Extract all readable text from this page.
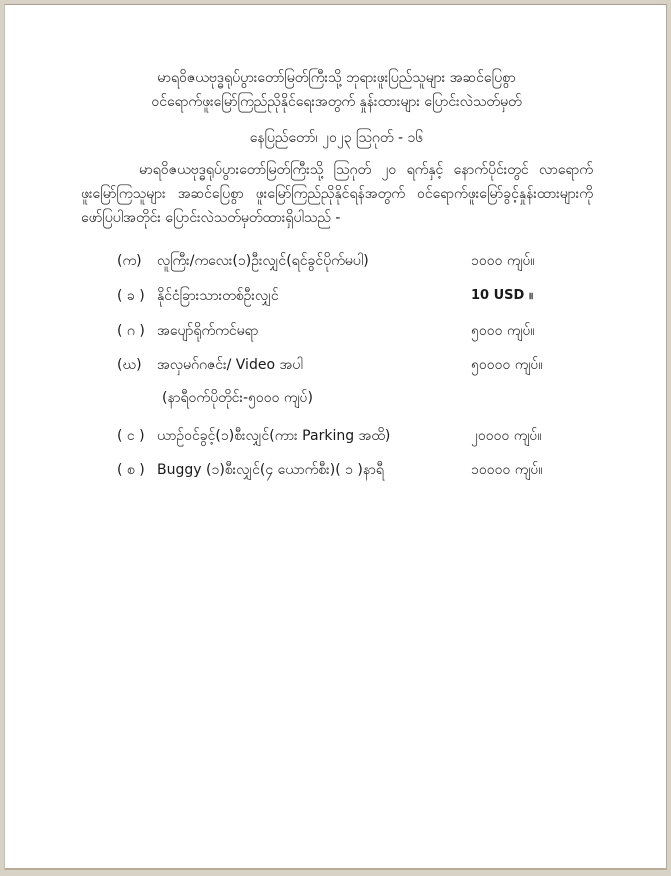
မာရဝိဇယဗုဒ္ဓရုပ်ပွားတော်မြတ်ကြီးသို့ ဘုရားဖူးပြည်သူများ အဆင်ပြေစွာ
ဝင်ရောက်ဖူးမြော်ကြည်ညိုနိုင်ရေးအတွက် နှုန်းထားများ ပြောင်းလဲသတ်မှတ်
နေပြည်တော်၊ ၂၀၂၃ ဩဂုတ် - ၁၆
မာရဝိဇယဗုဒ္ဓရုပ်ပွားတော်မြတ်ကြီးသို့ ဩဂုတ် ၂၀ ရက်နှင့် နောက်ပိုင်းတွင် လာရောက်ဖူးမြော်ကြသူများ အဆင်ပြေစွာ ဖူးမြော်ကြည်ညိုနိုင်ရန်အတွက် ဝင်ရောက်ဖူးမြော်ခွင့်နှုန်းထားများကို ဖော်ပြပါအတိုင်း ပြောင်းလဲသတ်မှတ်ထားရှိပါသည် -
(က)	လူကြီး/ကလေး(၁)ဦးလျှင်(ရင်ခွင်ပိုက်မပါ)	၁၀၀၀ ကျပ်။
( ခ ) နိုင်ငံခြားသားတစ်ဦးလျှင်	10 USD ။
( ဂ ) အပျော်ရိုက်ကင်မရာ	၅၀၀၀ ကျပ်။
(ဃ)	အလှမဂ်ဂဇင်း/ Video အပါ	၅၀၀၀၀ ကျပ်။
(နာရီဝက်ပိုတိုင်း-၅၀၀၀ ကျပ်)
( င ) ယာဉ်ဝင်ခွင့်(၁)စီးလျှင်(ကား Parking အထိ)	၂၀၀၀၀ ကျပ်။
( စ ) Buggy (၁)စီးလျှင်(၄ ယောက်စီး)( ၁ )နာရီ	၁၀၀၀၀ ကျပ်။
